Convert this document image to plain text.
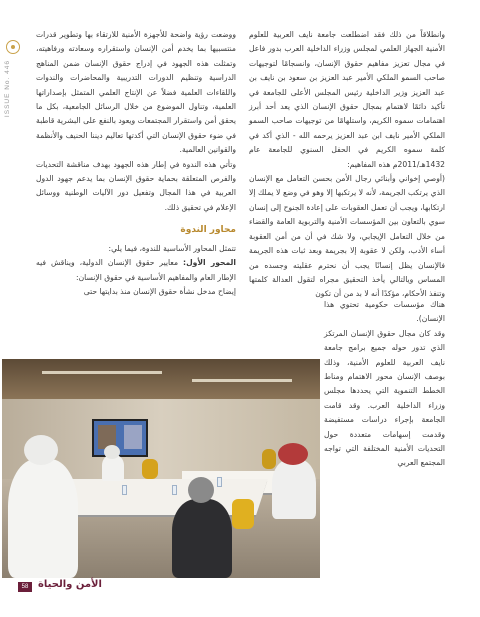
ISSUE No. 446

ووضعت رؤية واضحة للأجهزة الأمنية للارتقاء بها وتطوير قدرات منتسبيها بما يخدم أمن الإنسان واستقراره وسعادته ورفاهيته، وتمثلت هذه الجهود في إدراج حقوق الإنسان ضمن المناهج الدراسية وتنظيم الدورات التدريبية والمحاضرات والندوات واللقاءات العلمية فضلاً عن الإنتاج العلمي المتمثل بإصداراتها العلمية، وتناول الموضوع من خلال الرسائل الجامعية، بكل ما يحقق أمن واستقرار المجتمعات ويعود بالنفع على البشرية قاطبة في ضوء حقوق الإنسان التي أكدتها تعاليم ديننا الحنيف والأنظمة والقوانين العالمية.

وتأتي هذه الندوة في إطار هذه الجهود بهدف مناقشة التحديات والفرص المتعلقة بحماية حقوق الإنسان بما يدعم جهود الدول العربية في هذا المجال وتفعيل دور الآليات الوطنية ووسائل الإعلام في تحقيق ذلك.

محاور الندوة

تتمثل المحاور الأساسية للندوة، فيما يلي:

المحور الأول: معايير حقوق الإنسان الدولية، ويناقش فيه الإطار العام والمفاهيم الأساسية في حقوق الإنسان:

إيضاح مدخل نشأة حقوق الإنسان منذ بدايتها حتى

وانطلاقاً من ذلك فقد اضطلعت جامعة نايف العربية للعلوم الأمنية الجهاز العلمي لمجلس وزراء الداخلية العرب بدور فاعل في مجال تعزيز مفاهيم حقوق الإنسان، وانسجامًا لتوجيهات صاحب السمو الملكي الأمير عبد العزيز بن سعود بن نايف بن عبد العزيز وزير الداخلية رئيس المجلس الأعلى للجامعة في تأكيد دائمًا لاهتمام بمجال حقوق الإنسان الذي يعد أحد أبرز اهتمامات سموه الكريم، واستلهامًا من توجيهات صاحب السمو الملكي الأمير نايف ابن عبد العزيز يرحمه الله - الذي أكد في كلمة سموه الكريم في الحفل السنوي للجامعة عام 1432هـ/2011م هذه المفاهيم:

(أوصي إخواني وأبنائي رجال الأمن بحسن التعامل مع الإنسان الذي يرتكب الجريمة، لأنه لا يرتكبها إلا وهو في وضع لا يملك إلا ارتكابها، ويجب أن تعمل العقوبات على إعادة الجنوح إلى إنسان سوي بالتعاون بين المؤسسات الأمنية والتربوية العامة والقضاء من خلال التعامل الإيجابي، ولا شك في أن من أمن العقوبة أساء الأدب، ولكن لا عقوبة إلا بجريمة وبعد ثبات هذه الجريمة فالإنسان يظل إنسانًا يجب أن نحترم عقليته وجسده من المساس ويالتالي يأخذ التحقيق مجراه لتقول العدالة كلمتها وتنفذ الأحكام، مؤكدًا أنه لا بد من أن تكون

هناك مؤسسات حكومية تحتوي هذا الإنسان).

وقد كان مجال حقوق الإنسان المرتكز الذي تدور حوله جميع برامج جامعة نايف العربية للعلوم الأمنية، وذلك بوصف الإنسان محور الاهتمام ومناط الخطط التنموية التي يحددها مجلس وزراء الداخلية العرب. وقد قامت الجامعة بإجراء دراسات مستفيضة وقدمت إسهامات متعددة حول التحديات الأمنية المختلفة التي تواجه المجتمع العربي

58 الأمن والحياة
